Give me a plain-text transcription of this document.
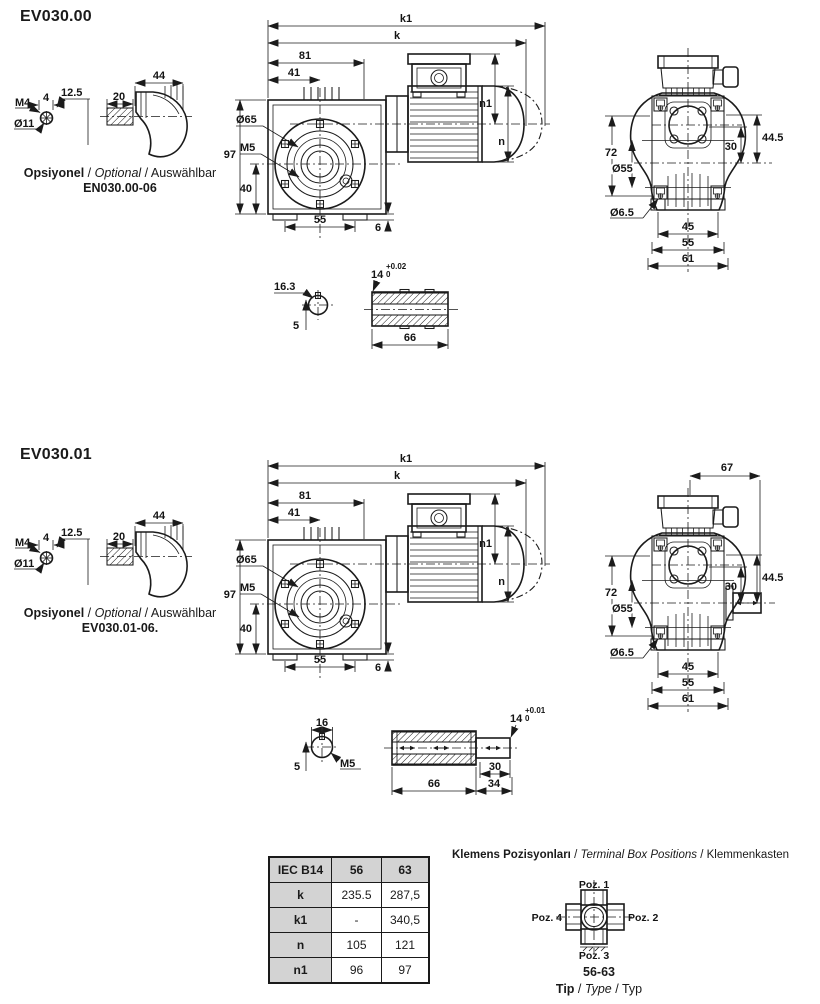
EV030.00
EV030.01
Opsiyonel / Optional / Auswählbar
EN030.00-06
Opsiyonel / Optional / Auswählbar
EV030.01-06.
4
M4
Ø11
12.5
44
20
k1
k
81
41
97
40
Ø65
M5
55
6
n1
n
72
Ø55
Ø6.5
44.5
30
45
55
61
16.3
5
14
+0.02
0
66
4
M4
Ø11
12.5
44
20
k1
k
81
41
97
40
Ø65
M5
55
6
n1
n
67
72
Ø55
Ø6.5
44.5
30
45
55
61
16
5	M5
14
+0.01
0
66
30
34
IEC B14	56	63
k	235.5	287,5
k1	-	340,5
n	105	121
n1	96	97
Klemens Pozisyonları / Terminal Box Positions / Klemmenkasten
Poz. 1
Poz. 2
Poz. 3
Poz. 4
56-63
Tip / Type / Typ
